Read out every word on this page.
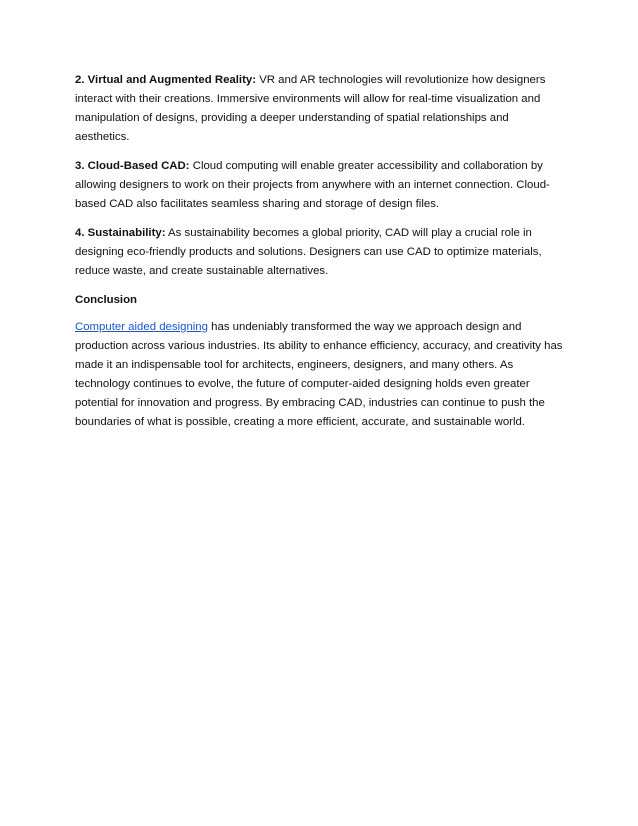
2. Virtual and Augmented Reality: VR and AR technologies will revolutionize how designers interact with their creations. Immersive environments will allow for real-time visualization and manipulation of designs, providing a deeper understanding of spatial relationships and aesthetics.

3. Cloud-Based CAD: Cloud computing will enable greater accessibility and collaboration by allowing designers to work on their projects from anywhere with an internet connection. Cloud-based CAD also facilitates seamless sharing and storage of design files.

4. Sustainability: As sustainability becomes a global priority, CAD will play a crucial role in designing eco-friendly products and solutions. Designers can use CAD to optimize materials, reduce waste, and create sustainable alternatives.

Conclusion

Computer aided designing has undeniably transformed the way we approach design and production across various industries. Its ability to enhance efficiency, accuracy, and creativity has made it an indispensable tool for architects, engineers, designers, and many others. As technology continues to evolve, the future of computer-aided designing holds even greater potential for innovation and progress. By embracing CAD, industries can continue to push the boundaries of what is possible, creating a more efficient, accurate, and sustainable world.
